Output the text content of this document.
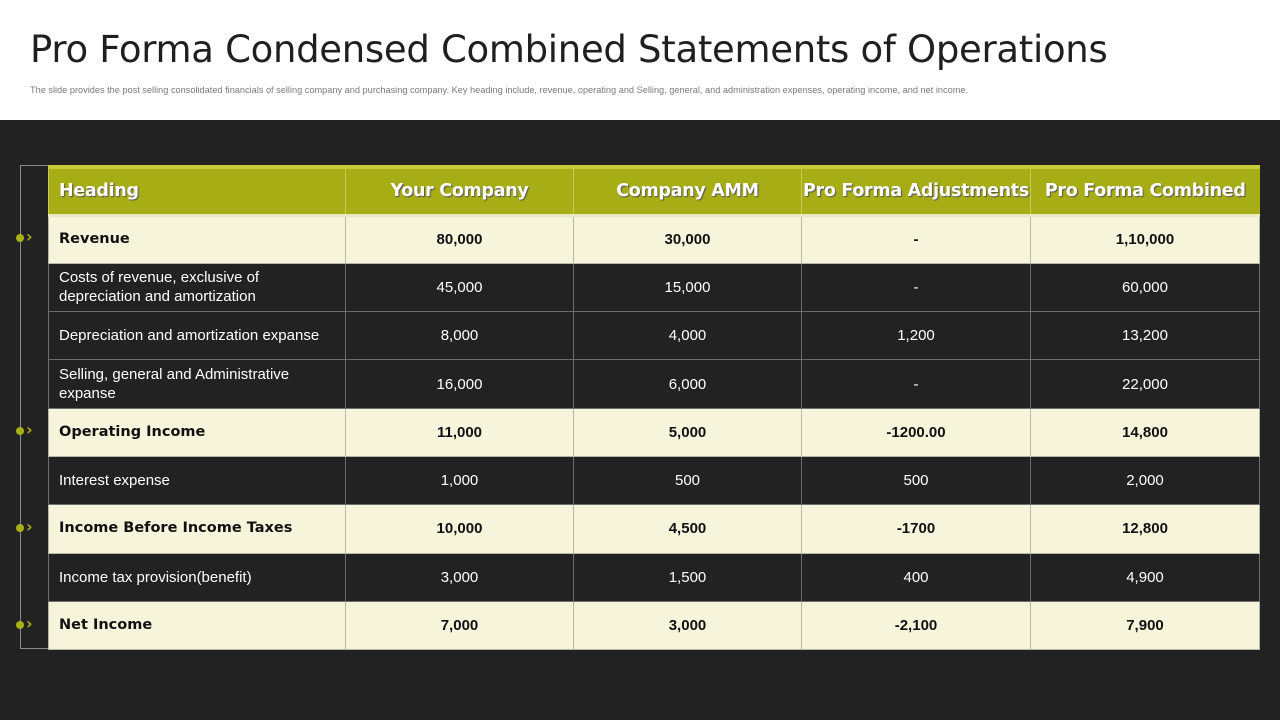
Pro Forma Condensed Combined Statements of Operations

The slide provides the post selling consolidated financials of selling company and purchasing company. Key heading include, revenue, operating and Selling, general, and administration expenses, operating income, and net income.

›
›
›
›
Heading	Your Company	Company AMM	Pro Forma Adjustments	Pro Forma Combined
Revenue	80,000	30,000	-	1,10,000
Costs of revenue, exclusive of depreciation and amortization	45,000	15,000	-	60,000
Depreciation and amortization expanse	8,000	4,000	1,200	13,200
Selling, general and Administrative expanse	16,000	6,000	-	22,000
Operating Income	11,000	5,000	-1200.00	14,800
Interest expense	1,000	500	500	2,000
Income Before Income Taxes	10,000	4,500	-1700	12,800
Income tax provision(benefit)	3,000	1,500	400	4,900
Net Income	7,000	3,000	-2,100	7,900
